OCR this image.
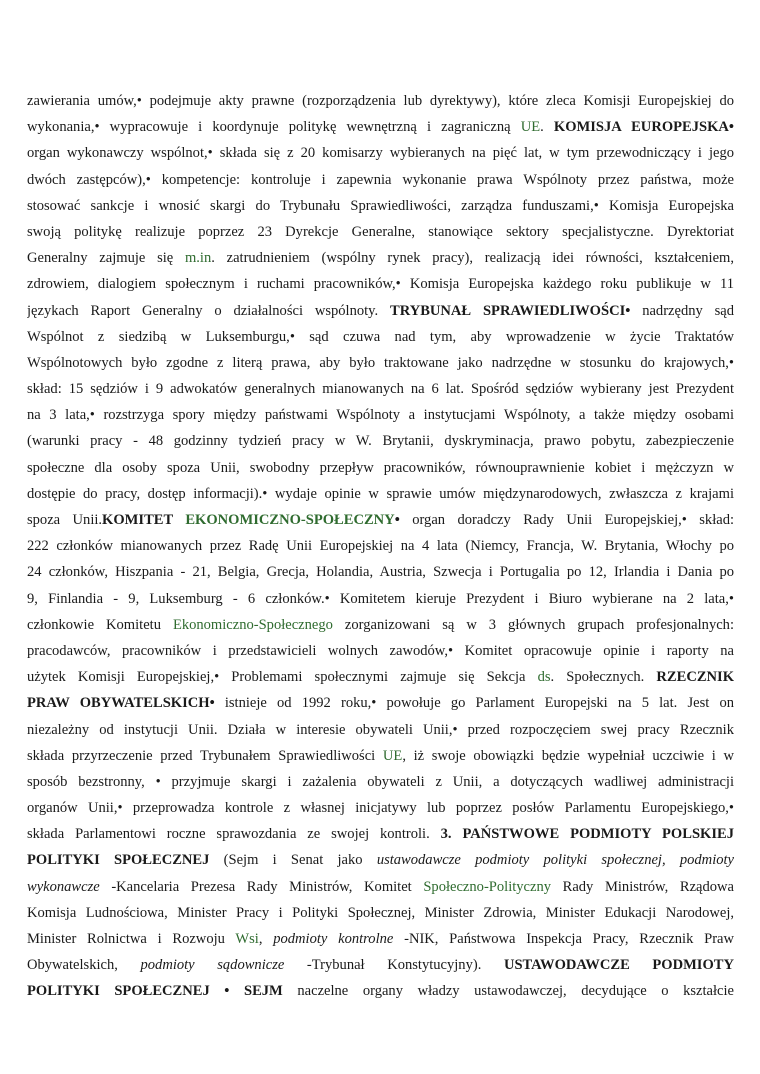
zawierania umów,• podejmuje akty prawne (rozporządzenia lub dyrektywy), które zleca Komisji Europejskiej do
wykonania,• wypracowuje i koordynuje politykę wewnętrzną i zagraniczną UE. KOMISJA EUROPEJSKA•
organ wykonawczy wspólnot,• składa się z 20 komisarzy wybieranych na pięć lat, w tym przewodniczący i jego
dwóch zastępców),• kompetencje: kontroluje i zapewnia wykonanie prawa Wspólnoty przez państwa, może
stosować sankcje i wnosić skargi do Trybunału Sprawiedliwości, zarządza funduszami,• Komisja Europejska
swoją politykę realizuje poprzez 23 Dyrekcje Generalne, stanowiące sektory specjalistyczne. Dyrektoriat
Generalny zajmuje się m.in. zatrudnieniem (wspólny rynek pracy), realizacją idei równości, kształceniem,
zdrowiem, dialogiem społecznym i ruchami pracowników,• Komisja Europejska każdego roku publikuje w 11
językach Raport Generalny o działalności wspólnoty. TRYBUNAŁ SPRAWIEDLIWOŚCI• nadrzędny sąd
Wspólnot z siedzibą w Luksemburgu,• sąd czuwa nad tym, aby wprowadzenie w życie Traktatów
Wspólnotowych było zgodne z literą prawa, aby było traktowane jako nadrzędne w stosunku do krajowych,•
skład: 15 sędziów i 9 adwokatów generalnych mianowanych na 6 lat. Spośród sędziów wybierany jest Prezydent
na 3 lata,• rozstrzyga spory między państwami Wspólnoty a instytucjami Wspólnoty, a także między osobami
(warunki pracy - 48 godzinny tydzień pracy w W. Brytanii, dyskryminacja, prawo pobytu, zabezpieczenie
społeczne dla osoby spoza Unii, swobodny przepływ pracowników, równouprawnienie kobiet i mężczyzn w
dostępie do pracy, dostęp informacji).• wydaje opinie w sprawie umów międzynarodowych, zwłaszcza z krajami
spoza Unii.KOMITET EKONOMICZNO-SPOŁECZNY• organ doradczy Rady Unii Europejskiej,• skład:
222 członków mianowanych przez Radę Unii Europejskiej na 4 lata (Niemcy, Francja, W. Brytania, Włochy po
24 członków, Hiszpania - 21, Belgia, Grecja, Holandia, Austria, Szwecja i Portugalia po 12, Irlandia i Dania po
9, Finlandia - 9, Luksemburg - 6 członków.• Komitetem kieruje Prezydent i Biuro wybierane na 2 lata,•
członkowie Komitetu Ekonomiczno-Społecznego zorganizowani są w 3 głównych grupach profesjonalnych:
pracodawców, pracowników i przedstawicieli wolnych zawodów,• Komitet opracowuje opinie i raporty na
użytek Komisji Europejskiej,• Problemami społecznymi zajmuje się Sekcja ds. Społecznych. RZECZNIK
PRAW OBYWATELSKICH• istnieje od 1992 roku,• powołuje go Parlament Europejski na 5 lat. Jest on
niezależny od instytucji Unii. Działa w interesie obywateli Unii,• przed rozpoczęciem swej pracy Rzecznik
składa przyrzeczenie przed Trybunałem Sprawiedliwości UE, iż swoje obowiązki będzie wypełniał uczciwie i w
sposób bezstronny, • przyjmuje skargi i zażalenia obywateli z Unii, a dotyczących wadliwej administracji
organów Unii,• przeprowadza kontrole z własnej inicjatywy lub poprzez posłów Parlamentu Europejskiego,•
składa Parlamentowi roczne sprawozdania ze swojej kontroli. 3. PAŃSTWOWE PODMIOTY POLSKIEJ
POLITYKI SPOŁECZNEJ (Sejm i Senat jako ustawodawcze podmioty polityki społecznej, podmioty
wykonawcze -Kancelaria Prezesa Rady Ministrów, Komitet Społeczno-Polityczny Rady Ministrów, Rządowa
Komisja Ludnościowa, Minister Pracy i Polityki Społecznej, Minister Zdrowia, Minister Edukacji Narodowej,
Minister Rolnictwa i Rozwoju Wsi, podmioty kontrolne -NIK, Państwowa Inspekcja Pracy, Rzecznik Praw
Obywatelskich, podmioty sądownicze -Trybunał Konstytucyjny). USTAWODAWCZE PODMIOTY
POLITYKI SPOŁECZNEJ • SEJM naczelne organy władzy ustawodawczej, decydujące o kształcie
